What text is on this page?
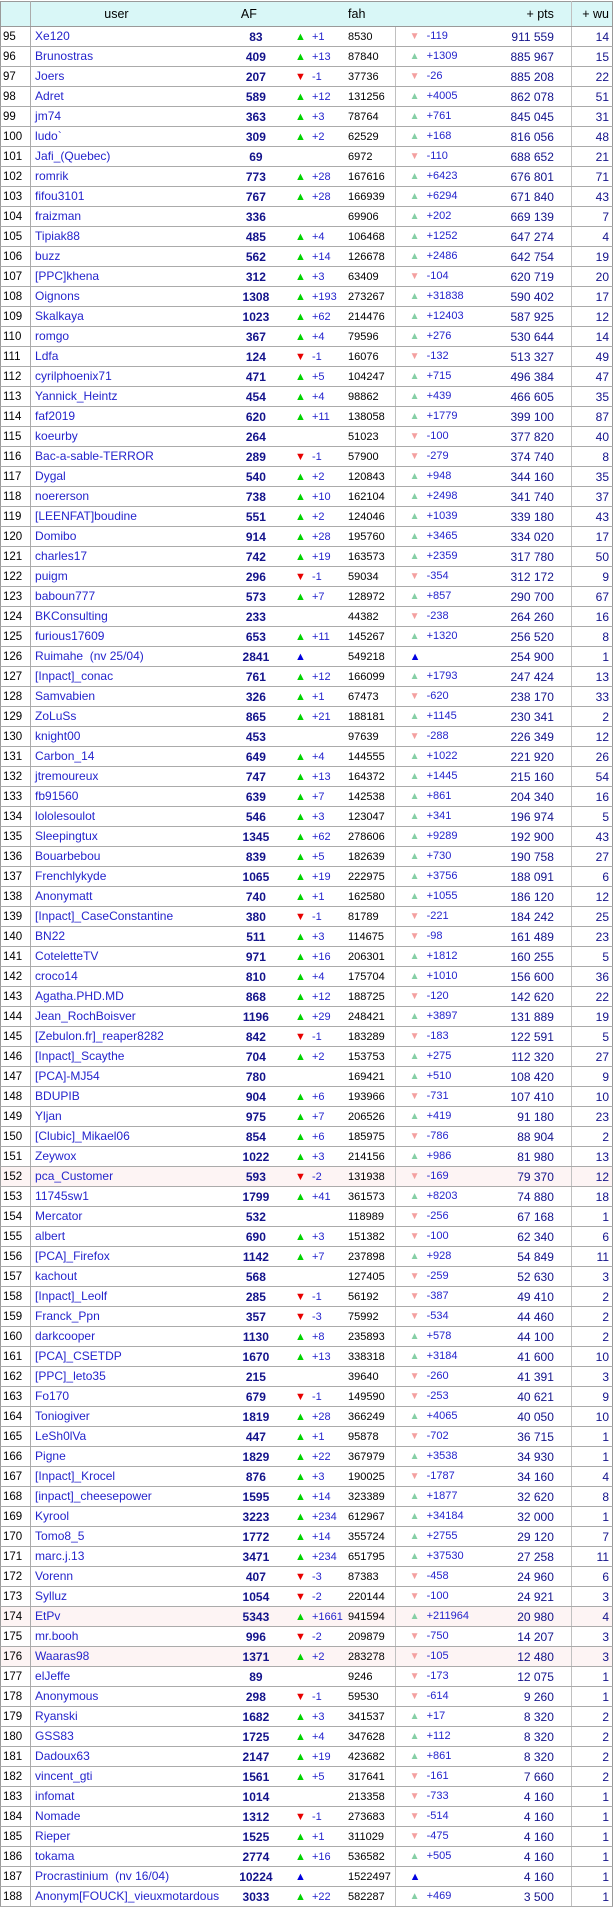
	user	AF		fah		+ pts	+ wu
95	Xe120	83	▲ +1	8530	▼ -119	911 559	14
96	Brunostras	409	▲ +13	87840	▲ +1309	885 967	15
97	Joers	207	▼ -1	37736	▼ -26	885 208	22
98	Adret	589	▲ +12	131256	▲ +4005	862 078	51
99	jm74	363	▲ +3	78764	▲ +761	845 045	31
100	ludo`	309	▲ +2	62529	▲ +168	816 056	48
101	Jafi_(Quebec)	69		6972	▼ -110	688 652	21
102	romrik	773	▲ +28	167616	▲ +6423	676 801	71
103	fifou3101	767	▲ +28	166939	▲ +6294	671 840	43
104	fraizman	336		69906	▲ +202	669 139	7
105	Tipiak88	485	▲ +4	106468	▲ +1252	647 274	4
106	buzz	562	▲ +14	126678	▲ +2486	642 754	19
107	[PPC]khena	312	▲ +3	63409	▼ -104	620 719	20
108	Oignons	1308	▲ +193	273267	▲ +31838	590 402	17
109	Skalkaya	1023	▲ +62	214476	▲ +12403	587 925	12
110	romgo	367	▲ +4	79596	▲ +276	530 644	14
111	Ldfa	124	▼ -1	16076	▼ -132	513 327	49
112	cyrilphoenix71	471	▲ +5	104247	▲ +715	496 384	47
113	Yannick_Heintz	454	▲ +4	98862	▲ +439	466 605	35
114	faf2019	620	▲ +11	138058	▲ +1779	399 100	87
115	koeurby	264		51023	▼ -100	377 820	40
116	Bac-a-sable-TERROR	289	▼ -1	57900	▼ -279	374 740	8
117	Dygal	540	▲ +2	120843	▲ +948	344 160	35
118	noererson	738	▲ +10	162104	▲ +2498	341 740	37
119	[LEENFAT]boudine	551	▲ +2	124046	▲ +1039	339 180	43
120	Domibo	914	▲ +28	195760	▲ +3465	334 020	17
121	charles17	742	▲ +19	163573	▲ +2359	317 780	50
122	puigm	296	▼ -1	59034	▼ -354	312 172	9
123	baboun777	573	▲ +7	128972	▲ +857	290 700	67
124	BKConsulting	233		44382	▼ -238	264 260	16
125	furious17609	653	▲ +11	145267	▲ +1320	256 520	8
126	Ruimahe  (nv 25/04)	2841	▲	549218	▲	254 900	1
127	[Inpact]_conac	761	▲ +12	166099	▲ +1793	247 424	13
128	Samvabien	326	▲ +1	67473	▼ -620	238 170	33
129	ZoLuSs	865	▲ +21	188181	▲ +1145	230 341	2
130	knight00	453		97639	▼ -288	226 349	12
131	Carbon_14	649	▲ +4	144555	▲ +1022	221 920	26
132	jtremoureux	747	▲ +13	164372	▲ +1445	215 160	54
133	fb91560	639	▲ +7	142538	▲ +861	204 340	16
134	lololesoulot	546	▲ +3	123047	▲ +341	196 974	5
135	Sleepingtux	1345	▲ +62	278606	▲ +9289	192 900	43
136	Bouarbebou	839	▲ +5	182639	▲ +730	190 758	27
137	Frenchlykyde	1065	▲ +19	222975	▲ +3756	188 091	6
138	Anonymatt	740	▲ +1	162580	▲ +1055	186 120	12
139	[Inpact]_CaseConstantine	380	▼ -1	81789	▼ -221	184 242	25
140	BN22	511	▲ +3	114675	▼ -98	161 489	23
141	CoteletteTV	971	▲ +16	206301	▲ +1812	160 255	5
142	croco14	810	▲ +4	175704	▲ +1010	156 600	36
143	Agatha.PHD.MD	868	▲ +12	188725	▼ -120	142 620	22
144	Jean_RochBoisver	1196	▲ +29	248421	▲ +3897	131 889	19
145	[Zebulon.fr]_reaper8282	842	▼ -1	183289	▼ -183	122 591	5
146	[Inpact]_Scaythe	704	▲ +2	153753	▲ +275	112 320	27
147	[PCA]-MJ54	780		169421	▲ +510	108 420	9
148	BDUPIB	904	▲ +6	193966	▼ -731	107 410	10
149	Yljan	975	▲ +7	206526	▲ +419	91 180	23
150	[Clubic]_Mikael06	854	▲ +6	185975	▼ -786	88 904	2
151	Zeywox	1022	▲ +3	214156	▲ +986	81 980	13
152	pca_Customer	593	▼ -2	131938	▼ -169	79 370	12
153	11745sw1	1799	▲ +41	361573	▲ +8203	74 880	18
154	Mercator	532		118989	▼ -256	67 168	1
155	albert	690	▲ +3	151382	▼ -100	62 340	6
156	[PCA]_Firefox	1142	▲ +7	237898	▲ +928	54 849	11
157	kachout	568		127405	▼ -259	52 630	3
158	[Inpact]_Leolf	285	▼ -1	56192	▼ -387	49 410	2
159	Franck_Ppn	357	▼ -3	75992	▼ -534	44 460	2
160	darkcooper	1130	▲ +8	235893	▲ +578	44 100	2
161	[PCA]_CSETDP	1670	▲ +13	338318	▲ +3184	41 600	10
162	[PPC]_leto35	215		39640	▼ -260	41 391	3
163	Fo170	679	▼ -1	149590	▼ -253	40 621	9
164	Toniogiver	1819	▲ +28	366249	▲ +4065	40 050	10
165	LeSh0lVa	447	▲ +1	95878	▼ -702	36 715	1
166	Pigne	1829	▲ +22	367979	▲ +3538	34 930	1
167	[Inpact]_Krocel	876	▲ +3	190025	▼ -1787	34 160	4
168	[inpact]_cheesepower	1595	▲ +14	323389	▲ +1877	32 620	8
169	Kyrool	3223	▲ +234	612967	▲ +34184	32 000	1
170	Tomo8_5	1772	▲ +14	355724	▲ +2755	29 120	7
171	marc.j.13	3471	▲ +234	651795	▲ +37530	27 258	11
172	Vorenn	407	▼ -3	87383	▼ -458	24 960	6
173	Sylluz	1054	▼ -2	220144	▼ -100	24 921	3
174	EtPv	5343	▲ +1661	941594	▲ +211964	20 980	4
175	mr.booh	996	▼ -2	209879	▼ -750	14 207	3
176	Waaras98	1371	▲ +2	283278	▼ -105	12 480	3
177	elJeffe	89		9246	▼ -173	12 075	1
178	Anonymous	298	▼ -1	59530	▼ -614	9 260	1
179	Ryanski	1682	▲ +3	341537	▲ +17	8 320	2
180	GSS83	1725	▲ +4	347628	▲ +112	8 320	2
181	Dadoux63	2147	▲ +19	423682	▲ +861	8 320	2
182	vincent_gti	1561	▲ +5	317641	▼ -161	7 660	2
183	infomat	1014		213358	▼ -733	4 160	1
184	Nomade	1312	▼ -1	273683	▼ -514	4 160	1
185	Rieper	1525	▲ +1	311029	▼ -475	4 160	1
186	tokama	2774	▲ +16	536582	▲ +505	4 160	1
187	Procrastinium  (nv 16/04)	10224	▲	1522497	▲	4 160	1
188	Anonym[FOUCK]_vieuxmotardous	3033	▲ +22	582287	▲ +469	3 500	1
